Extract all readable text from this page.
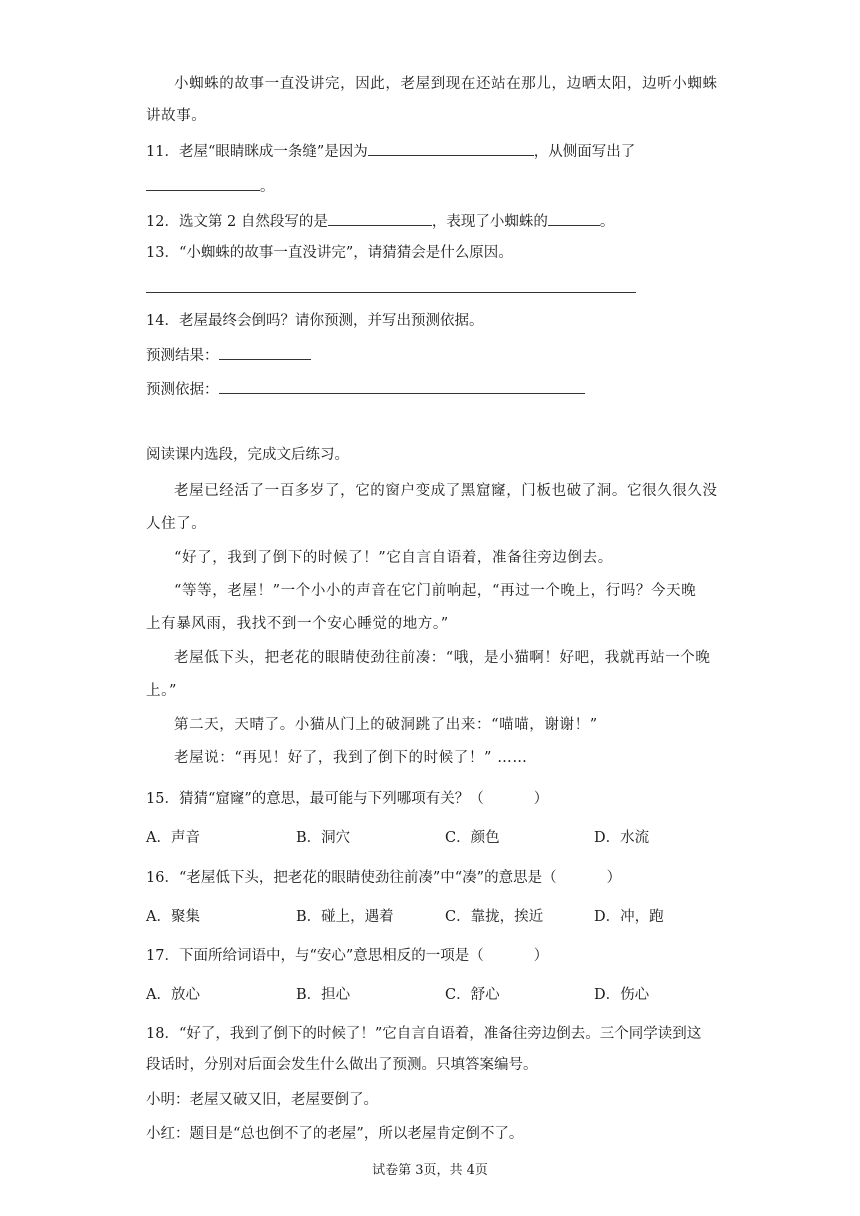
小蜘蛛的故事一直没讲完，因此，老屋到现在还站在那儿，边晒太阳，边听小蜘蛛
讲故事。
11．老屋“眼睛眯成一条缝”是因为	，从侧面写出了
。
12．选文第 2 自然段写的是	，表现了小蜘蛛的	。
13．“小蜘蛛的故事一直没讲完”，请猜猜会是什么原因。
14．老屋最终会倒吗？请你预测，并写出预测依据。
预测结果：
预测依据：
阅读课内选段，完成文后练习。
老屋已经活了一百多岁了，它的窗户变成了黑窟窿，门板也破了洞。它很久很久没
人住了。
“好了，我到了倒下的时候了！”它自言自语着，准备往旁边倒去。
“等等，老屋！”一个小小的声音在它门前响起，“再过一个晚上，行吗？今天晚
上有暴风雨，我找不到一个安心睡觉的地方。”
老屋低下头，把老花的眼睛使劲往前凑：“哦，是小猫啊！好吧，我就再站一个晚
上。”
第二天，天晴了。小猫从门上的破洞跳了出来：“喵喵，谢谢！”
老屋说：“再见！好了，我到了倒下的时候了！” ……
15．猜猜“窟窿”的意思，最可能与下列哪项有关？（	）
A．声音	B．洞穴	C．颜色	D．水流
16．“老屋低下头，把老花的眼睛使劲往前凑”中“凑”的意思是（	）
A．聚集	B．碰上，遇着	C．靠拢，挨近	D．冲，跑
17．下面所给词语中，与“安心”意思相反的一项是（	）
A．放心	B．担心	C．舒心	D．伤心
18．“好了，我到了倒下的时候了！”它自言自语着，准备往旁边倒去。三个同学读到这
段话时，分别对后面会发生什么做出了预测。只填答案编号。
小明：老屋又破又旧，老屋要倒了。
小红：题目是“总也倒不了的老屋”，所以老屋肯定倒不了。
试卷第 3页，共 4页
